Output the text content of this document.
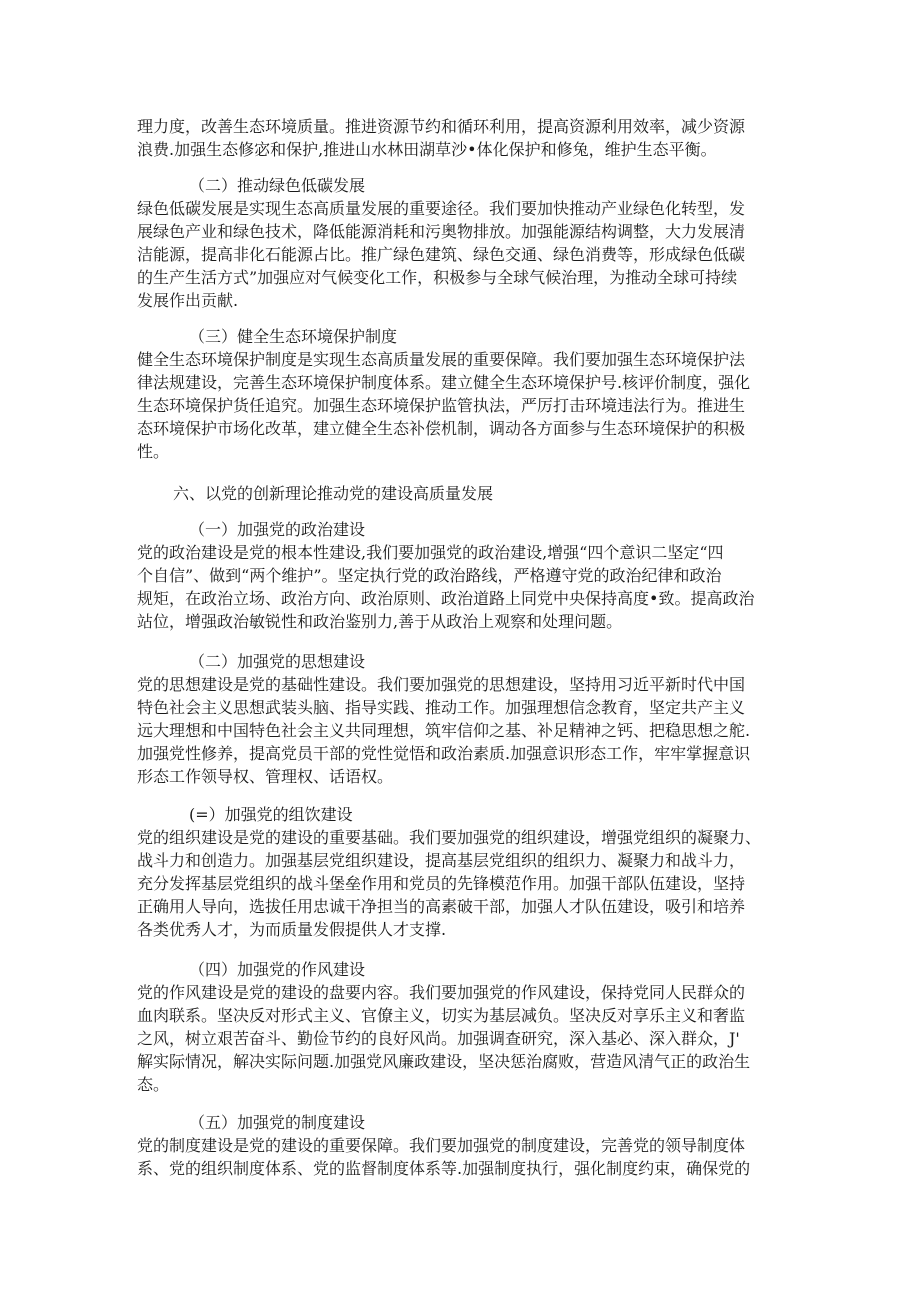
理力度，改善生态环境质量。推进资源节约和循环利用，提高资源利用效率，减少资源
浪费.加强生态修宓和保护,推进山水林田湖草沙•体化保护和修兔，维护生态平衡。
（二）推动绿色低碳发展
绿色低碳发展是实现生态高质量发展的重要途径。我们要加快推动产业绿色化转型，发
展绿色产业和绿色技术，降低能源消耗和污奥物排放。加强能源结构调整，大力发展清
洁能源，提高非化石能源占比。推广绿色建筑、绿色交通、绿色消费等，形成绿色低碳
的生产生活方式”加强应对气候变化工作，积极参与全球气候治理，为推动全球可持续
发展作出贡献.
（三）健全生态环境保护制度
健全生态环境保护制度是实现生态高质量发展的重要保障。我们要加强生态环境保护法
律法规建设，完善生态环境保护制度体系。建立健全生态环境保护号.核评价制度，强化
生态环境保护货任追究。加强生态环境保护监管执法，严厉打击环境违法行为。推进生
态环境保护市场化改革，建立健全生态补偿机制，调动各方面参与生态环境保护的积极
性。
六、以党的创新理论推动党的建设高质量发展
（一）加强党的政治建设
党的政治建设是党的根本性建设,我们要加强党的政治建设,增强“四个意识二坚定“四
个自信”、做到“两个维护”。坚定执行党的政治路线，严格遵守党的政治纪律和政治
规矩，在政治立场、政治方向、政治原则、政治道路上同党中央保持高度•致。提高政治
站位，增强政治敏锐性和政治鉴别力,善于从政治上观察和处理问题。
（二）加强党的思想建设
党的思想建设是党的基础性建设。我们要加强党的思想建设，坚持用习近平新时代中国
特色社会主义思想武装头脑、指导实践、推动工作。加强理想信念教育，坚定共产主义
远大理想和中国特色社会主义共同理想，筑牢信仰之基、补足精神之钙、把稳思想之舵.
加强党性修养，提高党员干部的党性觉悟和政治素质.加强意识形态工作，牢牢掌握意识
形态工作领导权、管理权、话语权。
(=）加强党的组饮建设
党的组织建设是党的建设的重要基础。我们要加强党的组织建设，增强党组织的凝聚力、
战斗力和创造力。加强基层党组织建设，提高基层党组织的组织力、凝聚力和战斗力，
充分发挥基层党组织的战斗堡垒作用和党员的先锋模范作用。加强干部队伍建设，坚持
正确用人导向，选拔任用忠诚干净担当的高素破干部，加强人才队伍建设，吸引和培养
各类优秀人才，为而质量发假提供人才支撑.
（四）加强党的作风建设
党的作风建设是党的建设的盘要内容。我们要加强党的作风建设，保持党同人民群众的
血肉联系。坚决反对形式主义、官僚主义，切实为基层减负。坚决反对享乐主义和奢监
之风，树立艰苦奋斗、勤俭节约的良好风尚。加强调查研究，深入基必、深入群众，J'
解实际情况，解决实际问题.加强党风廉政建设，坚决惩治腐败，营造风清气正的政治生
态。
（五）加强党的制度建设
党的制度建设是党的建设的重要保障。我们要加强党的制度建设，完善党的领导制度体
系、党的组织制度体系、党的监督制度体系等.加强制度执行，强化制度约束，确保党的
